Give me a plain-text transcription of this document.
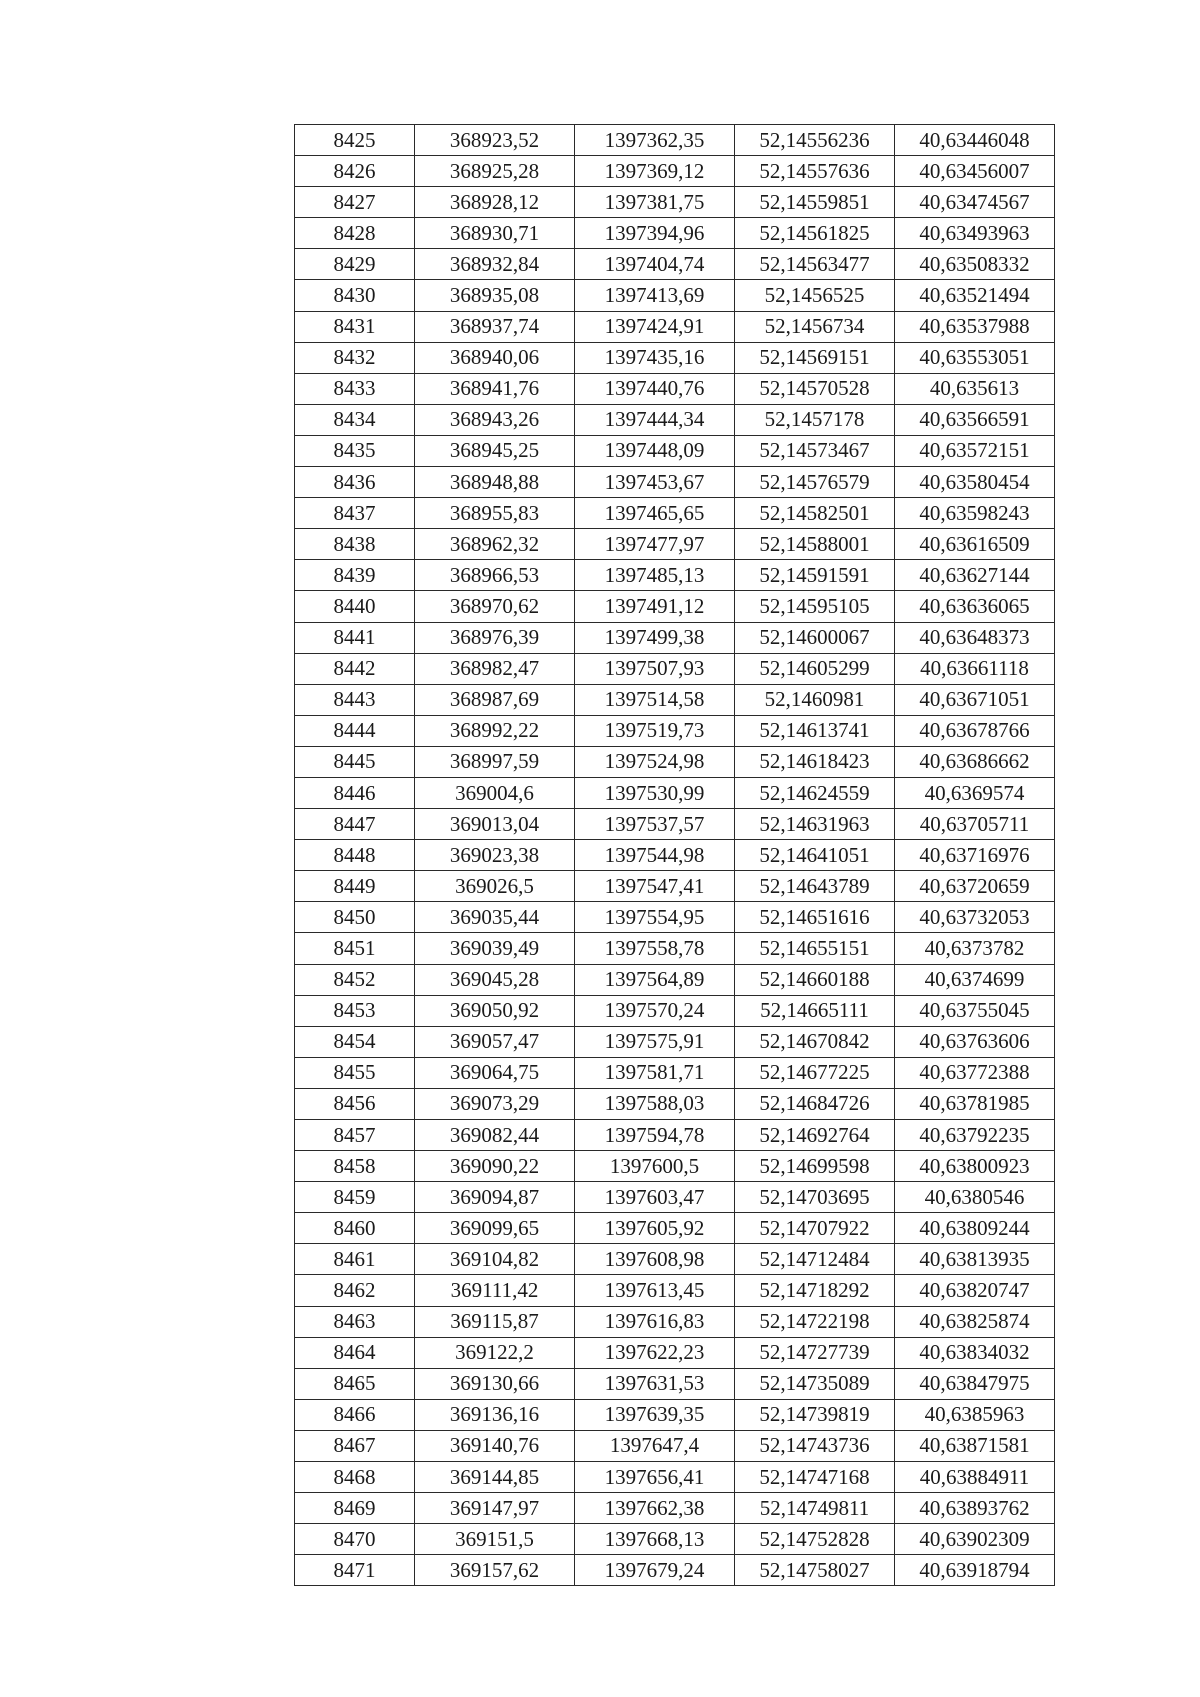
8425	368923,52	1397362,35	52,14556236	40,63446048
8426	368925,28	1397369,12	52,14557636	40,63456007
8427	368928,12	1397381,75	52,14559851	40,63474567
8428	368930,71	1397394,96	52,14561825	40,63493963
8429	368932,84	1397404,74	52,14563477	40,63508332
8430	368935,08	1397413,69	52,1456525	40,63521494
8431	368937,74	1397424,91	52,1456734	40,63537988
8432	368940,06	1397435,16	52,14569151	40,63553051
8433	368941,76	1397440,76	52,14570528	40,635613
8434	368943,26	1397444,34	52,1457178	40,63566591
8435	368945,25	1397448,09	52,14573467	40,63572151
8436	368948,88	1397453,67	52,14576579	40,63580454
8437	368955,83	1397465,65	52,14582501	40,63598243
8438	368962,32	1397477,97	52,14588001	40,63616509
8439	368966,53	1397485,13	52,14591591	40,63627144
8440	368970,62	1397491,12	52,14595105	40,63636065
8441	368976,39	1397499,38	52,14600067	40,63648373
8442	368982,47	1397507,93	52,14605299	40,63661118
8443	368987,69	1397514,58	52,1460981	40,63671051
8444	368992,22	1397519,73	52,14613741	40,63678766
8445	368997,59	1397524,98	52,14618423	40,63686662
8446	369004,6	1397530,99	52,14624559	40,6369574
8447	369013,04	1397537,57	52,14631963	40,63705711
8448	369023,38	1397544,98	52,14641051	40,63716976
8449	369026,5	1397547,41	52,14643789	40,63720659
8450	369035,44	1397554,95	52,14651616	40,63732053
8451	369039,49	1397558,78	52,14655151	40,6373782
8452	369045,28	1397564,89	52,14660188	40,6374699
8453	369050,92	1397570,24	52,14665111	40,63755045
8454	369057,47	1397575,91	52,14670842	40,63763606
8455	369064,75	1397581,71	52,14677225	40,63772388
8456	369073,29	1397588,03	52,14684726	40,63781985
8457	369082,44	1397594,78	52,14692764	40,63792235
8458	369090,22	1397600,5	52,14699598	40,63800923
8459	369094,87	1397603,47	52,14703695	40,6380546
8460	369099,65	1397605,92	52,14707922	40,63809244
8461	369104,82	1397608,98	52,14712484	40,63813935
8462	369111,42	1397613,45	52,14718292	40,63820747
8463	369115,87	1397616,83	52,14722198	40,63825874
8464	369122,2	1397622,23	52,14727739	40,63834032
8465	369130,66	1397631,53	52,14735089	40,63847975
8466	369136,16	1397639,35	52,14739819	40,6385963
8467	369140,76	1397647,4	52,14743736	40,63871581
8468	369144,85	1397656,41	52,14747168	40,63884911
8469	369147,97	1397662,38	52,14749811	40,63893762
8470	369151,5	1397668,13	52,14752828	40,63902309
8471	369157,62	1397679,24	52,14758027	40,63918794
